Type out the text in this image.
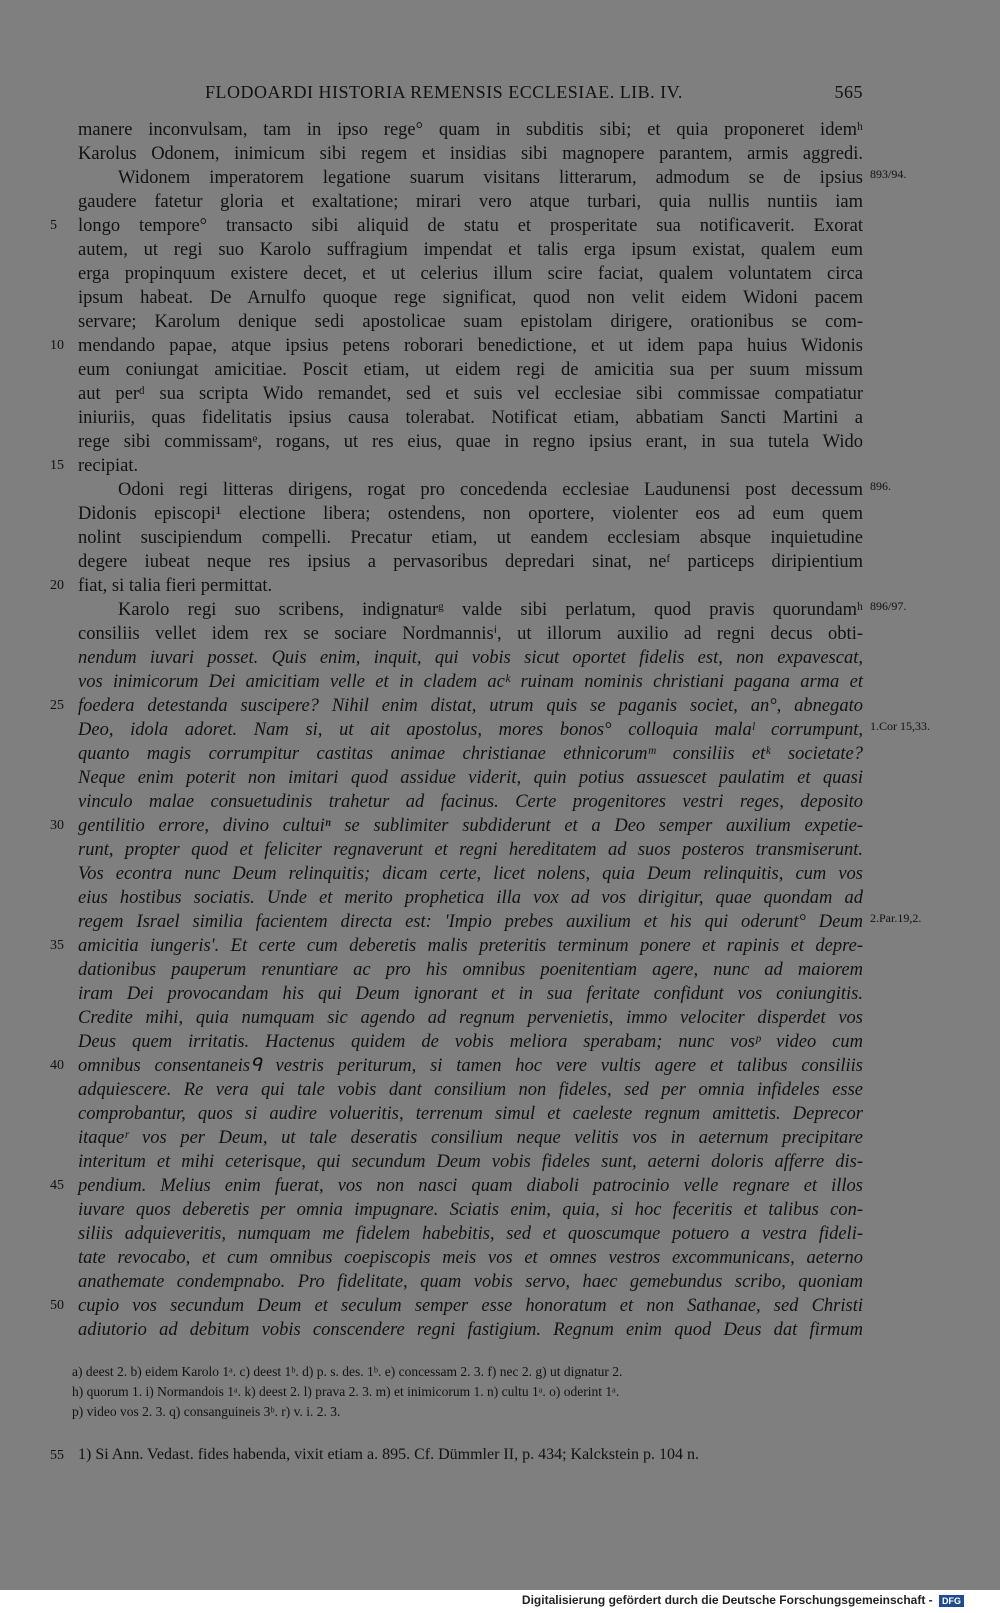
FLODOARDI HISTORIA REMENSIS ECCLESIAE. LIB. IV.	565
manere inconvulsam, tam in ipso rege° quam in subditis sibi; et quia proponeret idemʰ
Karolus Odonem, inimicum sibi regem et insidias sibi magnopere parantem, armis aggredi.
Widonem imperatorem legatione suarum visitans litterarum, admodum se de ipsius 893/94.
gaudere fatetur gloria et exaltatione; mirari vero atque turbari, quia nullis nuntiis iam
5	longo tempore° transacto sibi aliquid de statu et prosperitate sua notificaverit. Exorat
autem, ut regi suo Karolo suffragium impendat et talis erga ipsum existat, qualem eum
erga propinquum existere decet, et ut celerius illum scire faciat, qualem voluntatem circa
ipsum habeat. De Arnulfo quoque rege significat, quod non velit eidem Widoni pacem
servare; Karolum denique sedi apostolicae suam epistolam dirigere, orationibus se com-
10 mendando papae, atque ipsius petens roborari benedictione, et ut idem papa huius Widonis
eum coniungat amicitiae. Poscit etiam, ut eidem regi de amicitia sua per suum missum
aut perᵈ sua scripta Wido remandet, sed et suis vel ecclesiae sibi commissae compatiatur
iniuriis, quas fidelitatis ipsius causa tolerabat. Notificat etiam, abbatiam Sancti Martini a
rege sibi commissamᵉ, rogans, ut res eius, quae in regno ipsius erant, in sua tutela Wido
15 recipiat.
Odoni regi litteras dirigens, rogat pro concedenda ecclesiae Laudunensi post decessum 896.
Didonis episcopi¹ electione libera; ostendens, non oportere, violenter eos ad eum quem
nolint suscipiendum compelli. Precatur etiam, ut eandem ecclesiam absque inquietudine
degere iubeat neque res ipsius a pervasoribus depredari sinat, neᶠ particeps diripientium
20 fiat, si talia fieri permittat.
Karolo regi suo scribens, indignaturᵍ valde sibi perlatum, quod pravis quorundamʰ 896/97.
consiliis vellet idem rex se sociare Nordmannisⁱ, ut illorum auxilio ad regni decus obti-
nendum iuvari posset. Quis enim, inquit, qui vobis sicut oportet fidelis est, non expavescat,
vos inimicorum Dei amicitiam velle et in cladem acᵏ ruinam nominis christiani pagana arma et
25 foedera detestanda suscipere? Nihil enim distat, utrum quis se paganis societ, an°, abnegato
Deo, idola adoret. Nam si, ut ait apostolus, mores bonos° colloquia malaˡ corrumpunt, 1.Cor 15,33.
quanto magis corrumpitur castitas animae christianae ethnicorumᵐ consiliis etᵏ societate?
Neque enim poterit non imitari quod assidue viderit, quin potius assuescet paulatim et quasi
vinculo malae consuetudinis trahetur ad facinus. Certe progenitores vestri reges, deposito
30 gentilitio errore, divino cultuiⁿ se sublimiter subdiderunt et a Deo semper auxilium expetie-
runt, propter quod et feliciter regnaverunt et regni hereditatem ad suos posteros transmiserunt.
Vos econtra nunc Deum relinquitis; dicam certe, licet nolens, quia Deum relinquitis, cum vos
eius hostibus sociatis. Unde et merito prophetica illa vox ad vos dirigitur, quae quondam ad
regem Israel similia facientem directa est: 'Impio prebes auxilium et his qui oderunt° Deum 2.Par.19,2.
35 amicitia iungeris'. Et certe cum deberetis malis preteritis terminum ponere et rapinis et depre-
dationibus pauperum renuntiare ac pro his omnibus poenitentiam agere, nunc ad maiorem
iram Dei provocandam his qui Deum ignorant et in sua feritate confidunt vos coniungitis.
Credite mihi, quia numquam sic agendo ad regnum pervenietis, immo velociter disperdet vos
Deus quem irritatis. Hactenus quidem de vobis meliora sperabam; nunc vosᵖ video cum
40 omnibus consentaneisᑫ vestris periturum, si tamen hoc vere vultis agere et talibus consiliis
adquiescere. Re vera qui tale vobis dant consilium non fideles, sed per omnia infideles esse
comprobantur, quos si audire volueritis, terrenum simul et caeleste regnum amittetis. Deprecor
itaqueʳ vos per Deum, ut tale deseratis consilium neque velitis vos in aeternum precipitare
interitum et mihi ceterisque, qui secundum Deum vobis fideles sunt, aeterni doloris afferre dis-
45 pendium. Melius enim fuerat, vos non nasci quam diaboli patrocinio velle regnare et illos
iuvare quos deberetis per omnia impugnare. Sciatis enim, quia, si hoc feceritis et talibus con-
siliis adquieveritis, numquam me fidelem habebitis, sed et quoscumque potuero a vestra fideli-
tate revocabo, et cum omnibus coepiscopis meis vos et omnes vestros excommunicans, aeterno
anathemate condempnabo. Pro fidelitate, quam vobis servo, haec gemebundus scribo, quoniam
50 cupio vos secundum Deum et seculum semper esse honoratum et non Sathanae, sed Christi
adiutorio ad debitum vobis conscendere regni fastigium. Regnum enim quod Deus dat firmum
a) deest 2. b) eidem Karolo 1ᵃ. c) deest 1ᵇ. d) p. s. des. 1ᵇ. e) concessam 2. 3. f) nec 2. g) ut dignatur 2.
h) quorum 1. i) Normandois 1ᵃ. k) deest 2. l) prava 2. 3. m) et inimicorum 1. n) cultu 1ᵃ. o) oderint 1ᵃ.
p) video vos 2. 3. q) consanguineis 3ᵇ. r) v. i. 2. 3.
55 1) Si Ann. Vedast. fides habenda, vixit etiam a. 895. Cf. Dümmler II, p. 434; Kalckstein p. 104 n.
Digitalisierung gefördert durch die Deutsche Forschungsgemeinschaft - DFG
